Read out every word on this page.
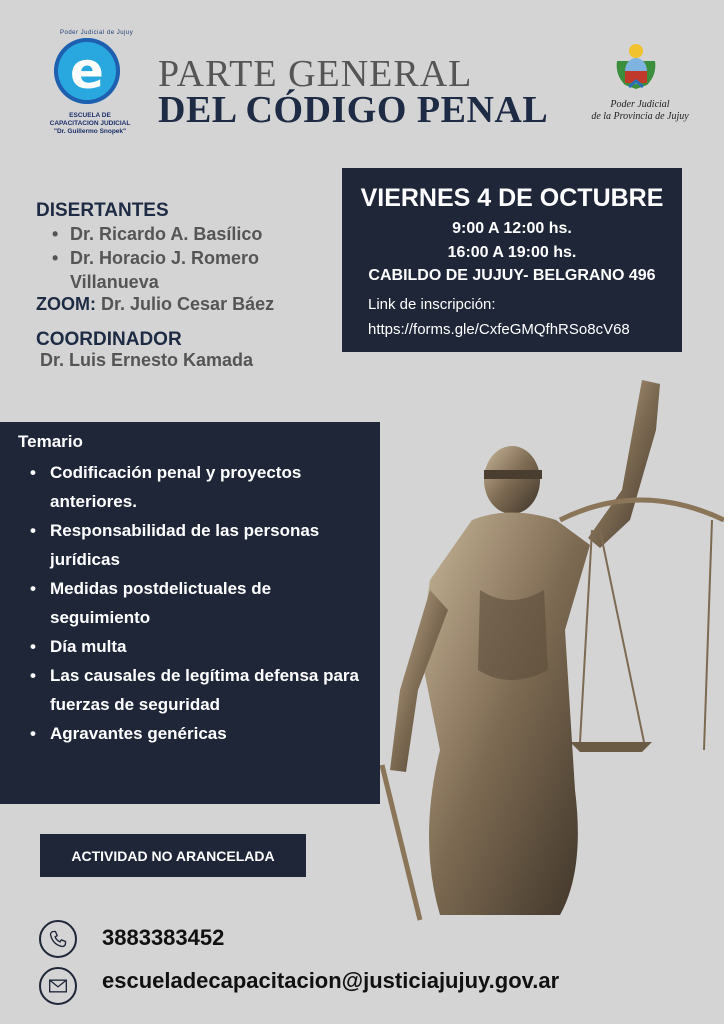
Poder Judicial de Jujuy
e
ESCUELA DE
CAPACITACION JUDICIAL
"Dr. Guillermo Snopek"
PARTE GENERAL
DEL CÓDIGO PENAL	Poder Judicial
de la Provincia de Jujuy
DISERTANTES
• Dr. Ricardo A. Basílico
• Dr. Horacio J. Romero Villanueva
ZOOM: Dr. Julio Cesar Báez
COORDINADOR
Dr. Luis Ernesto Kamada
VIERNES 4 DE OCTUBRE
9:00 A 12:00 hs.
16:00 A 19:00 hs.
CABILDO DE JUJUY- BELGRANO 496
Link de inscripción:
https://forms.gle/CxfeGMQfhRSo8cV68
Temario
• Codificación penal y proyectos anteriores.
• Responsabilidad de las personas jurídicas
• Medidas postdelictuales de seguimiento
• Día multa
• Las causales de legítima defensa para fuerzas de seguridad
• Agravantes genéricas
ACTIVIDAD NO ARANCELADA
3883383452
escueladecapacitacion@justiciajujuy.gov.ar
